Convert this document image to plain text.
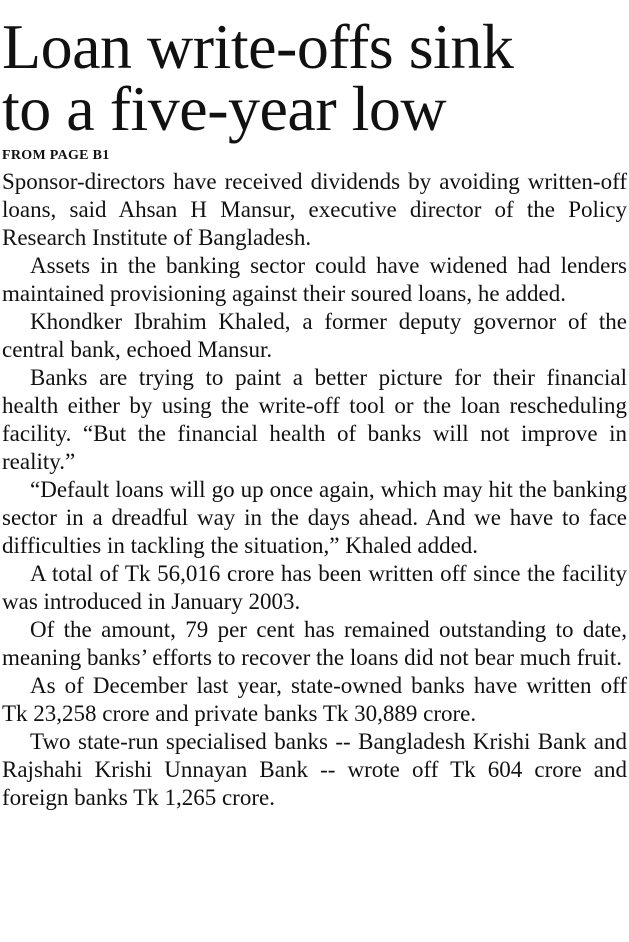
Loan write-offs sink
to a five-year low
FROM PAGE B1

Sponsor-directors have received dividends by avoiding written-off loans, said Ahsan H Mansur, executive director of the Policy Research Institute of Bangladesh.

Assets in the banking sector could have widened had lenders maintained provisioning against their soured loans, he added.

Khondker Ibrahim Khaled, a former deputy governor of the central bank, echoed Mansur.

Banks are trying to paint a better picture for their financial health either by using the write-off tool or the loan rescheduling facility. “But the financial health of banks will not improve in reality.”

“Default loans will go up once again, which may hit the banking sector in a dreadful way in the days ahead. And we have to face difficulties in tackling the situation,” Khaled added.

A total of Tk 56,016 crore has been written off since the facility was introduced in January 2003.

Of the amount, 79 per cent has remained outstanding to date, meaning banks’ efforts to recover the loans did not bear much fruit.

As of December last year, state-owned banks have written off Tk 23,258 crore and private banks Tk 30,889 crore.

Two state-run specialised banks -- Bangladesh Krishi Bank and Rajshahi Krishi Unnayan Bank -- wrote off Tk 604 crore and foreign banks Tk 1,265 crore.
